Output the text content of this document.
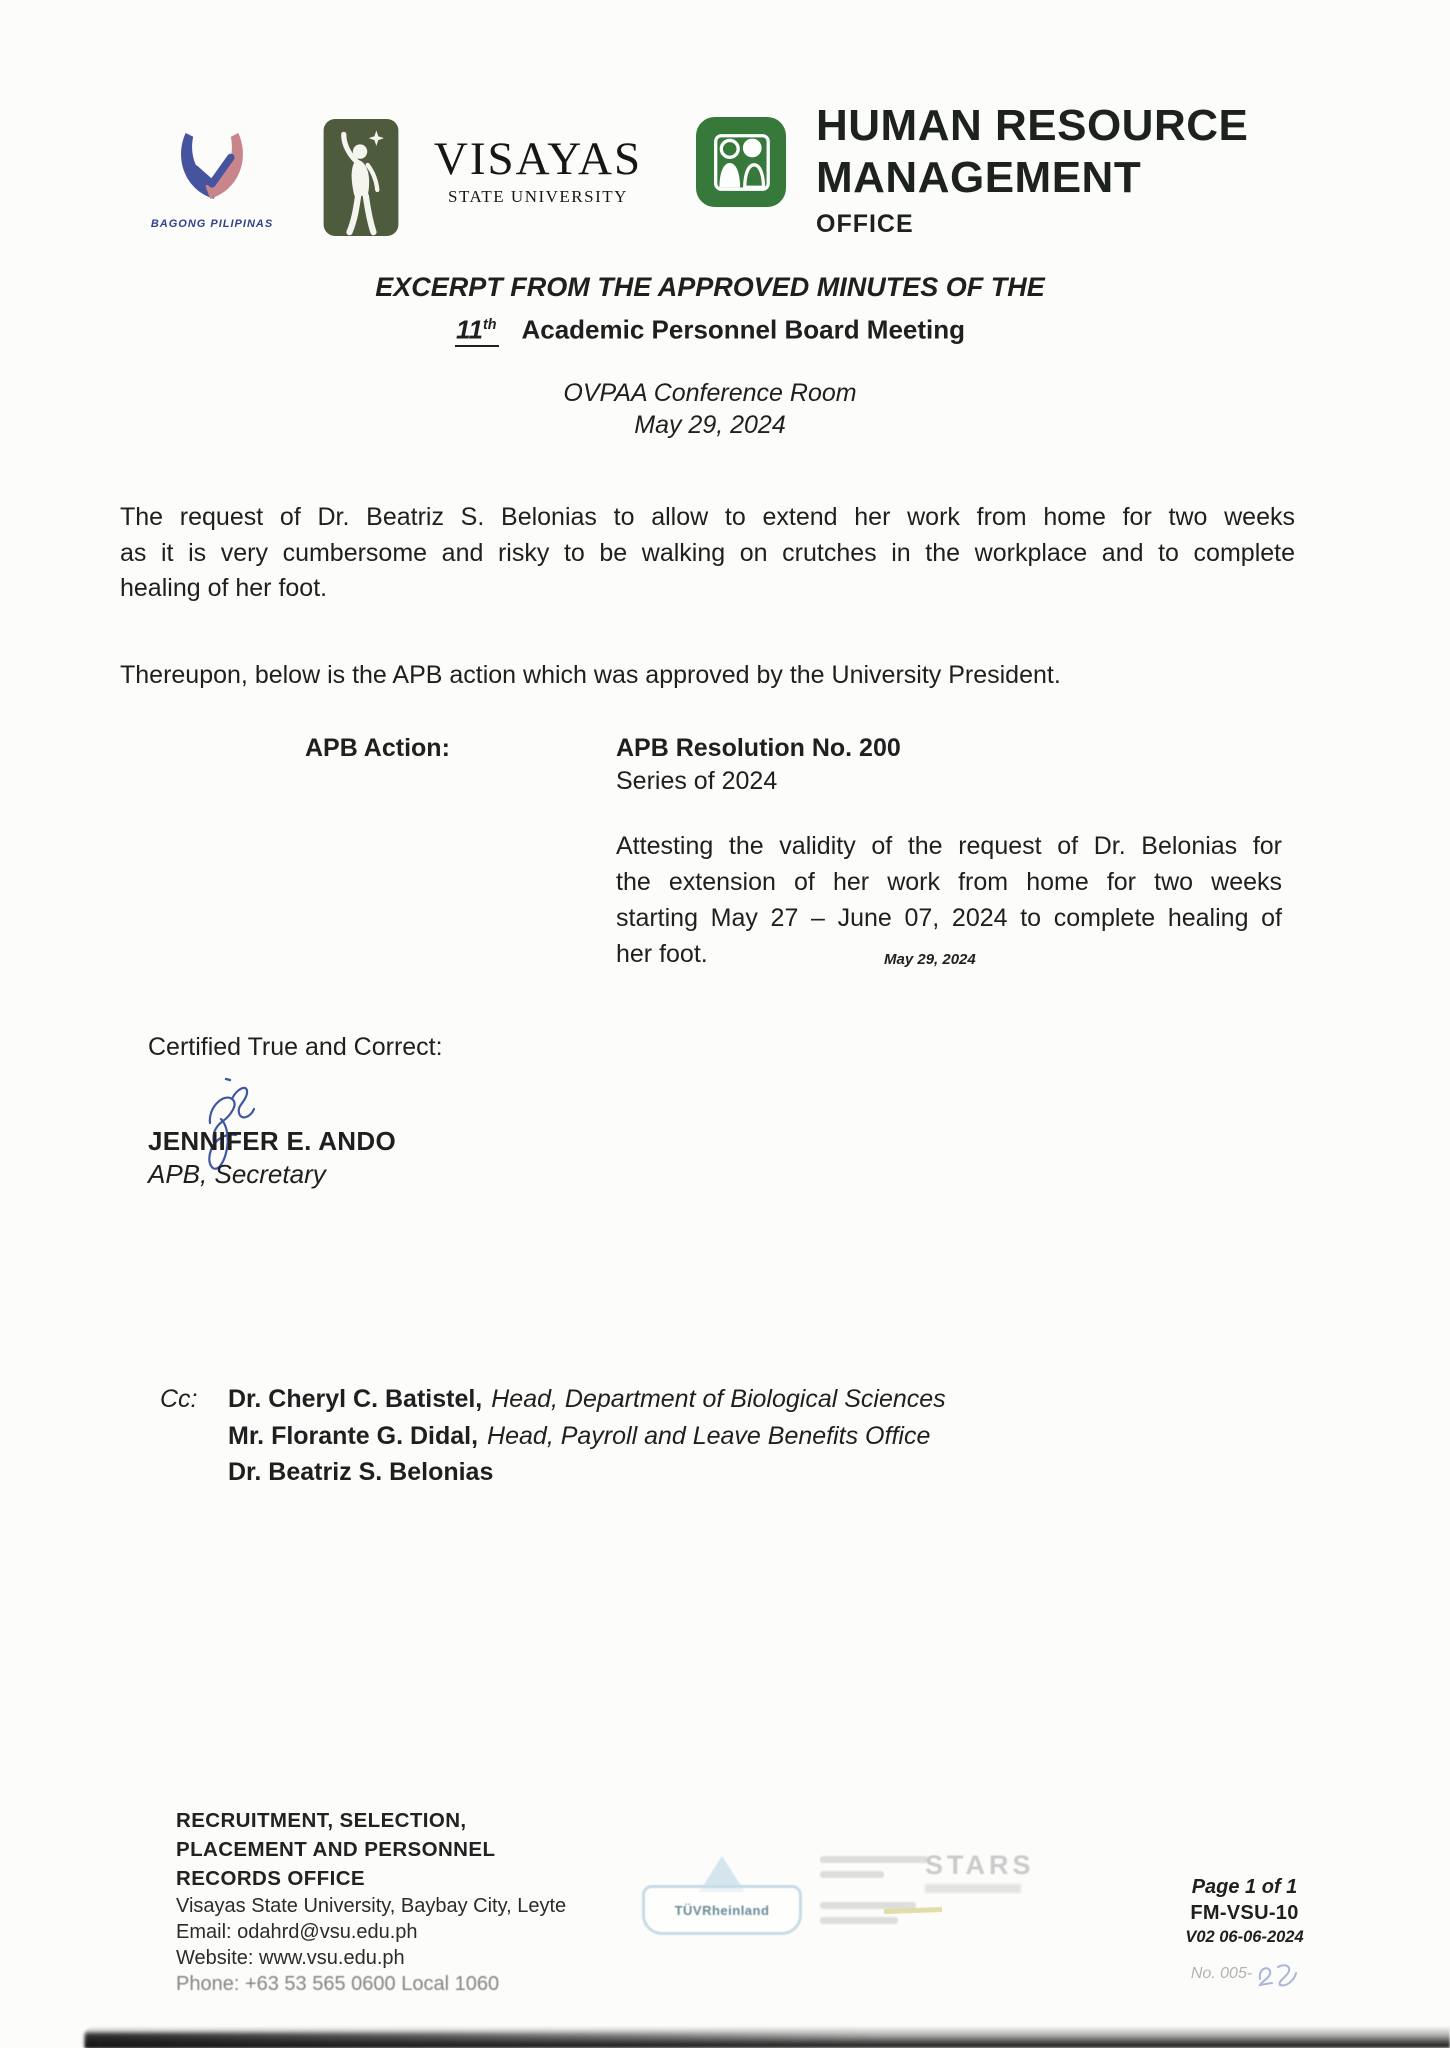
BAGONG PILIPINAS
VISAYAS
STATE UNIVERSITY
HUMAN RESOURCE
MANAGEMENT
OFFICE
EXCERPT FROM THE APPROVED MINUTES OF THE
11th Academic Personnel Board Meeting
OVPAA Conference Room
May 29, 2024
The request of Dr. Beatriz S. Belonias to allow to extend her work from home for two weeks
as it is very cumbersome and risky to be walking on crutches in the workplace and to complete
healing of her foot.
Thereupon, below is the APB action which was approved by the University President.
APB Action:	APB Resolution No. 200
Series of 2024
Attesting the validity of the request of Dr. Belonias for
the extension of her work from home for two weeks
starting May 27 – June 07, 2024 to complete healing of
her foot.	May 29, 2024
Certified True and Correct:
JENNIFER E. ANDO
APB, Secretary
Cc:	Dr. Cheryl C. Batistel, Head, Department of Biological Sciences
Mr. Florante G. Didal, Head, Payroll and Leave Benefits Office
Dr. Beatriz S. Belonias
RECRUITMENT, SELECTION,
PLACEMENT AND PERSONNEL
RECORDS OFFICE
Visayas State University, Baybay City, Leyte
Email: odahrd@vsu.edu.ph
Website: www.vsu.edu.ph
Phone: +63 53 565 0600 Local 1060
TÜVRheinland
STARS
Page 1 of 1
FM-VSU-10
V02 06-06-2024
No. 005-
